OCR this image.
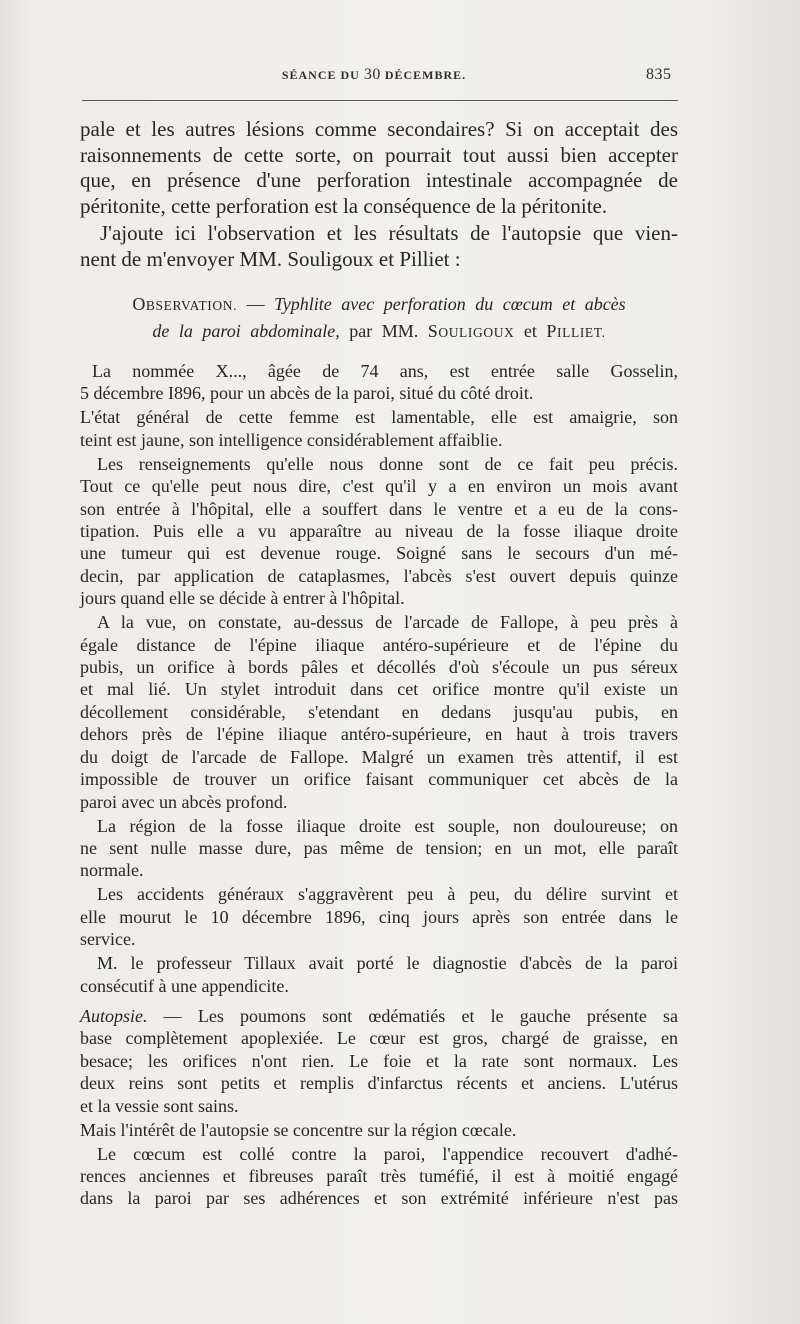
SÉANCE DU 30 DÉCEMBRE.	835
pale et les autres lésions comme secondaires? Si on acceptait des
raisonnements de cette sorte, on pourrait tout aussi bien accepter
que, en présence d'une perforation intestinale accompagnée de
péritonite, cette perforation est la conséquence de la péritonite.
J'ajoute ici l'observation et les résultats de l'autopsie que vien-
nent de m'envoyer MM. Souligoux et Pilliet :
OBSERVATION. — Typhlite avec perforation du cœcum et abcès
de la paroi abdominale, par MM. SOULIGOUX et PILLIET.
La nommée X..., âgée de 74 ans, est entrée salle Gosselin,
5 décembre I896, pour un abcès de la paroi, situé du côté droit.
L'état général de cette femme est lamentable, elle est amaigrie, son
teint est jaune, son intelligence considérablement affaiblie.
Les renseignements qu'elle nous donne sont de ce fait peu précis.
Tout ce qu'elle peut nous dire, c'est qu'il y a en environ un mois avant
son entrée à l'hôpital, elle a souffert dans le ventre et a eu de la cons-
tipation. Puis elle a vu apparaître au niveau de la fosse iliaque droite
une tumeur qui est devenue rouge. Soigné sans le secours d'un mé-
decin, par application de cataplasmes, l'abcès s'est ouvert depuis quinze
jours quand elle se décide à entrer à l'hôpital.
A la vue, on constate, au-dessus de l'arcade de Fallope, à peu près à
égale distance de l'épine iliaque antéro-supérieure et de l'épine du
pubis, un orifice à bords pâles et décollés d'où s'écoule un pus séreux
et mal lié. Un stylet introduit dans cet orifice montre qu'il existe un
décollement considérable, s'etendant en dedans jusqu'au pubis, en
dehors près de l'épine iliaque antéro-supérieure, en haut à trois travers
du doigt de l'arcade de Fallope. Malgré un examen très attentif, il est
impossible de trouver un orifice faisant communiquer cet abcès de la
paroi avec un abcès profond.
La région de la fosse iliaque droite est souple, non douloureuse; on
ne sent nulle masse dure, pas même de tension; en un mot, elle paraît
normale.
Les accidents généraux s'aggravèrent peu à peu, du délire survint et
elle mourut le 10 décembre 1896, cinq jours après son entrée dans le
service.
M. le professeur Tillaux avait porté le diagnostie d'abcès de la paroi
consécutif à une appendicite.
Autopsie. — Les poumons sont œdématiés et le gauche présente sa
base complètement apoplexiée. Le cœur est gros, chargé de graisse, en
besace; les orifices n'ont rien. Le foie et la rate sont normaux. Les
deux reins sont petits et remplis d'infarctus récents et anciens. L'utérus
et la vessie sont sains.
Mais l'intérêt de l'autopsie se concentre sur la région cœcale.
Le cœcum est collé contre la paroi, l'appendice recouvert d'adhé-
rences anciennes et fibreuses paraît très tuméfié, il est à moitié engagé
dans la paroi par ses adhérences et son extrémité inférieure n'est pas
